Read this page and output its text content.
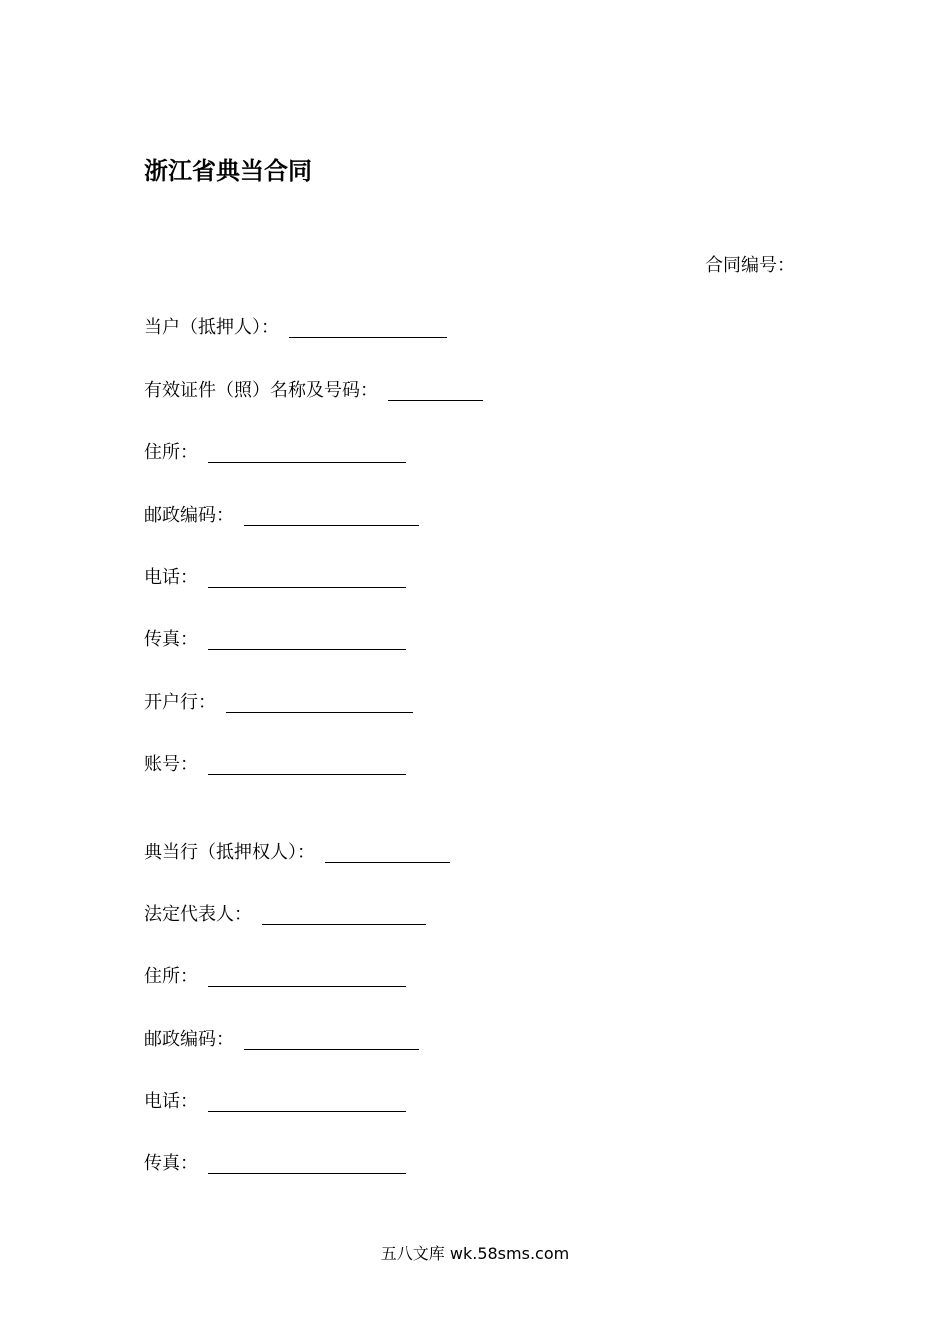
浙江省典当合同
合同编号：
当户（抵押人）：
有效证件（照）名称及号码：
住所：
邮政编码：
电话：
传真：
开户行：
账号：
典当行（抵押权人）：
法定代表人：
住所：
邮政编码：
电话：
传真：
五八文库 wk.58sms.com
